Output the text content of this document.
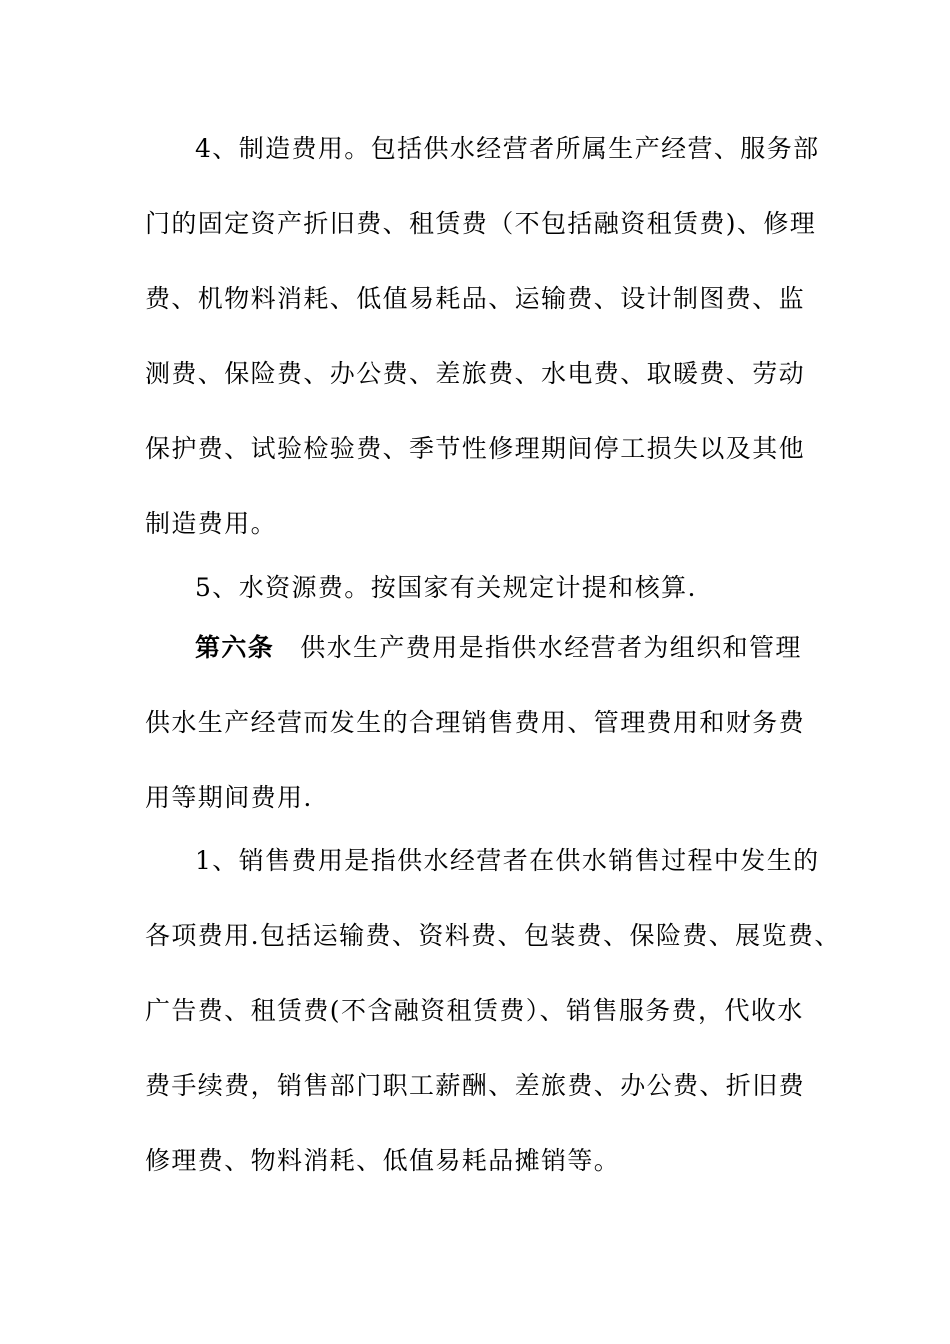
4、制造费用。包括供水经营者所属生产经营、服务部
门的固定资产折旧费、租赁费（不包括融资租赁费)、修理
费、机物料消耗、低值易耗品、运输费、设计制图费、监
测费、保险费、办公费、差旅费、水电费、取暖费、劳动
保护费、试验检验费、季节性修理期间停工损失以及其他
制造费用。
5、水资源费。按国家有关规定计提和核算.
第六条 供水生产费用是指供水经营者为组织和管理
供水生产经营而发生的合理销售费用、管理费用和财务费
用等期间费用.
1、销售费用是指供水经营者在供水销售过程中发生的
各项费用.包括运输费、资料费、包装费、保险费、展览费、
广告费、租赁费(不含融资租赁费）、销售服务费，代收水
费手续费，销售部门职工薪酬、差旅费、办公费、折旧费
修理费、物料消耗、低值易耗品摊销等。
